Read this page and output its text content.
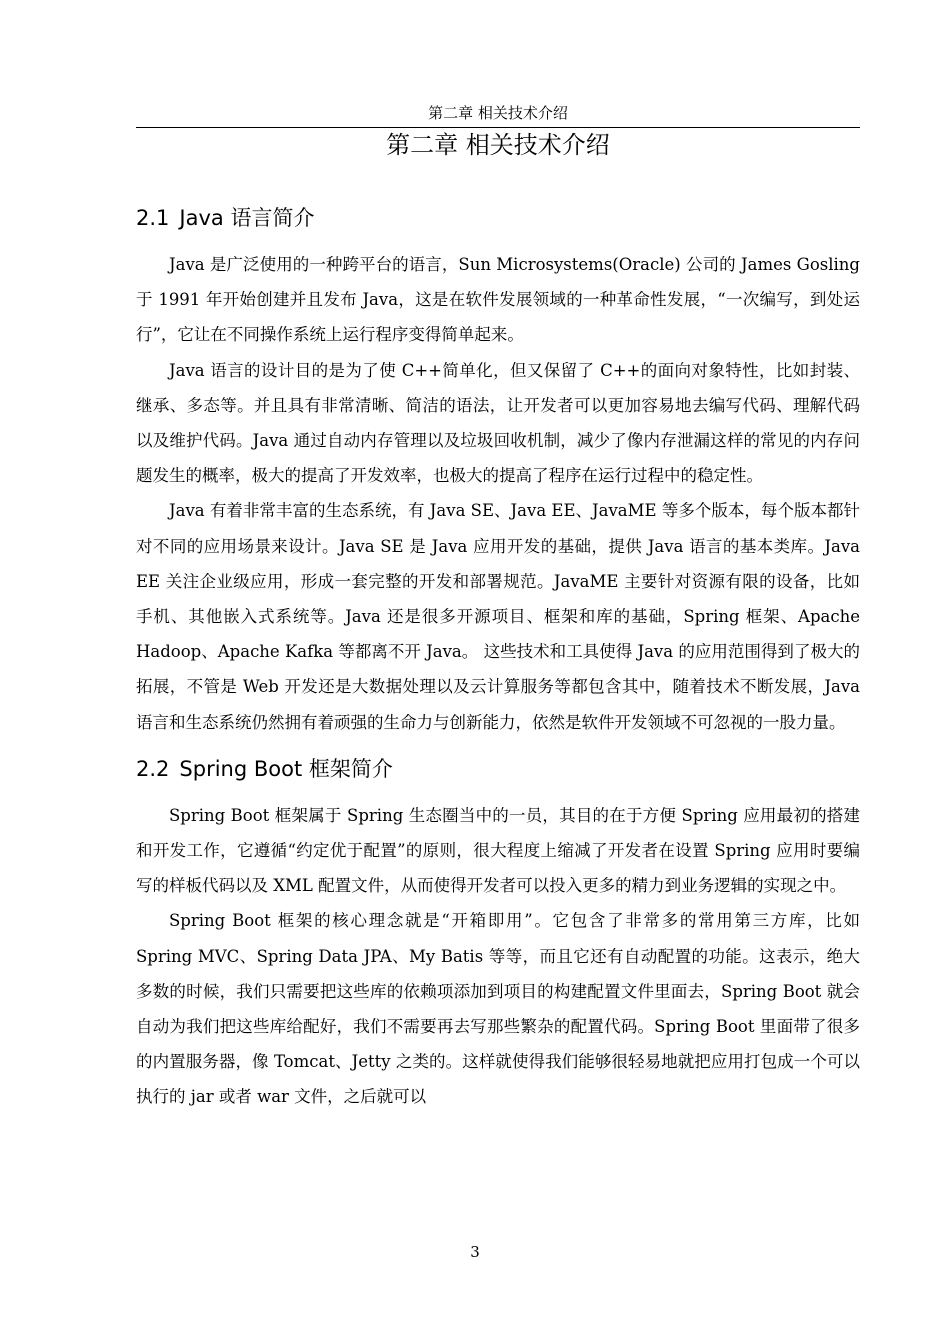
第二章 相关技术介绍
第二章 相关技术介绍
2.1 Java 语言简介

Java 是广泛使用的一种跨平台的语言，Sun Microsystems(Oracle) 公司的 James Gosling 于 1991 年开始创建并且发布 Java，这是在软件发展领域的一种革命性发展，“一次编写，到处运行”，它让在不同操作系统上运行程序变得简单起来。

Java 语言的设计目的是为了使 C++简单化，但又保留了 C++的面向对象特性，比如封装、继承、多态等。并且具有非常清晰、简洁的语法，让开发者可以更加容易地去编写代码、理解代码以及维护代码。Java 通过自动内存管理以及垃圾回收机制，减少了像内存泄漏这样的常见的内存问题发生的概率，极大的提高了开发效率，也极大的提高了程序在运行过程中的稳定性。

Java 有着非常丰富的生态系统，有 Java SE、Java EE、JavaME 等多个版本，每个版本都针对不同的应用场景来设计。Java SE 是 Java 应用开发的基础，提供 Java 语言的基本类库。Java EE 关注企业级应用，形成一套完整的开发和部署规范。JavaME 主要针对资源有限的设备，比如手机、其他嵌入式系统等。Java 还是很多开源项目、框架和库的基础，Spring 框架、Apache Hadoop、Apache Kafka 等都离不开 Java。 这些技术和工具使得 Java 的应用范围得到了极大的拓展，不管是 Web 开发还是大数据处理以及云计算服务等都包含其中，随着技术不断发展，Java 语言和生态系统仍然拥有着顽强的生命力与创新能力，依然是软件开发领域不可忽视的一股力量。

2.2 Spring Boot 框架简介

Spring Boot 框架属于 Spring 生态圈当中的一员，其目的在于方便 Spring 应用最初的搭建和开发工作，它遵循“约定优于配置”的原则，很大程度上缩减了开发者在设置 Spring 应用时要编写的样板代码以及 XML 配置文件，从而使得开发者可以投入更多的精力到业务逻辑的实现之中。

Spring Boot 框架的核心理念就是“开箱即用”。它包含了非常多的常用第三方库，比如 Spring MVC、Spring Data JPA、My Batis 等等，而且它还有自动配置的功能。这表示，绝大多数的时候，我们只需要把这些库的依赖项添加到项目的构建配置文件里面去，Spring Boot 就会自动为我们把这些库给配好，我们不需要再去写那些繁杂的配置代码。Spring Boot 里面带了很多的内置服务器，像 Tomcat、Jetty 之类的。这样就使得我们能够很轻易地就把应用打包成一个可以执行的 jar 或者 war 文件，之后就可以

3
